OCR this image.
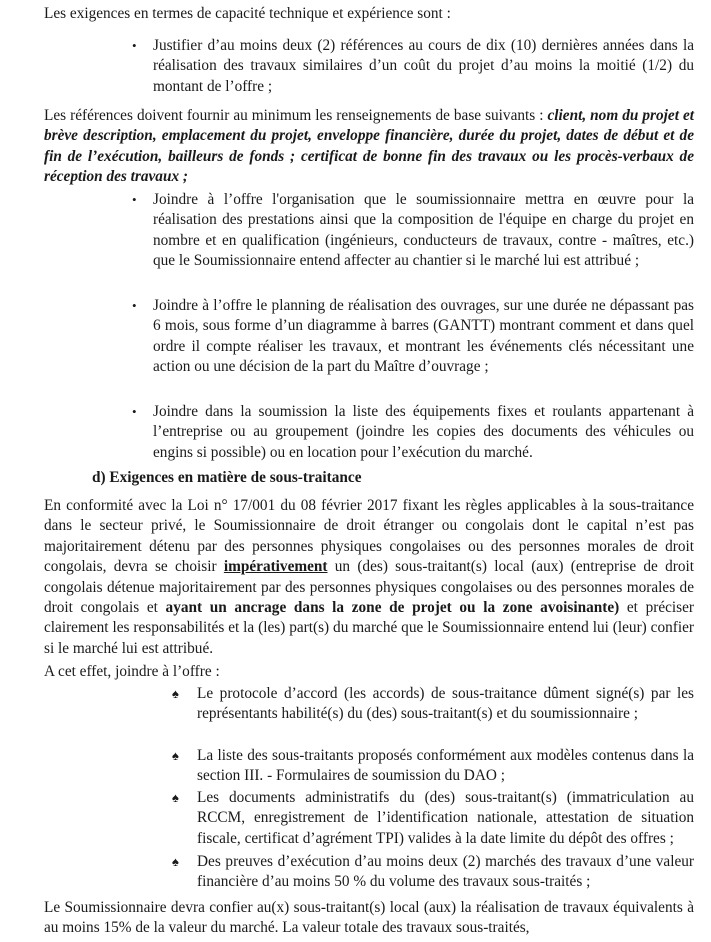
Les exigences en termes de capacité technique et expérience sont :

•	Justifier d’au moins deux (2) références au cours de dix (10) dernières années dans la réalisation des travaux similaires d’un coût du projet d’au moins la moitié (1/2) du montant de l’offre ;

Les références doivent fournir au minimum les renseignements de base suivants : client, nom du projet et brève description, emplacement du projet, enveloppe financière, durée du projet, dates de début et de fin de l’exécution, bailleurs de fonds ; certificat de bonne fin des travaux ou les procès-verbaux de réception des travaux ;

•	Joindre à l’offre l'organisation que le soumissionnaire mettra en œuvre pour la réalisation des prestations ainsi que la composition de l'équipe en charge du projet en nombre et en qualification (ingénieurs, conducteurs de travaux, contre - maîtres, etc.) que le Soumissionnaire entend affecter au chantier si le marché lui est attribué ;

•	Joindre à l’offre le planning de réalisation des ouvrages, sur une durée ne dépassant pas 6 mois, sous forme d’un diagramme à barres (GANTT) montrant comment et dans quel ordre il compte réaliser les travaux, et montrant les événements clés nécessitant une action ou une décision de la part du Maître d’ouvrage ;

•	Joindre dans la soumission la liste des équipements fixes et roulants appartenant à l’entreprise ou au groupement (joindre les copies des documents des véhicules ou engins si possible) ou en location pour l’exécution du marché.

d) Exigences en matière de sous-traitance

En conformité avec la Loi n° 17/001 du 08 février 2017 fixant les règles applicables à la sous-traitance dans le secteur privé, le Soumissionnaire de droit étranger ou congolais dont le capital n’est pas majoritairement détenu par des personnes physiques congolaises ou des personnes morales de droit congolais, devra se choisir impérativement un (des) sous-traitant(s) local (aux) (entreprise de droit congolais détenue majoritairement par des personnes physiques congolaises ou des personnes morales de droit congolais et ayant un ancrage dans la zone de projet ou la zone avoisinante) et préciser clairement les responsabilités et la (les) part(s) du marché que le Soumissionnaire entend lui (leur) confier si le marché lui est attribué.

A cet effet, joindre à l’offre :

♠	Le protocole d’accord (les accords) de sous-traitance dûment signé(s) par les représentants habilité(s) du (des) sous-traitant(s) et du soumissionnaire ;

♠	La liste des sous-traitants proposés conformément aux modèles contenus dans la section III. - Formulaires de soumission du DAO ;

♠	Les documents administratifs du (des) sous-traitant(s) (immatriculation au RCCM, enregistrement de l’identification nationale, attestation de situation fiscale, certificat d’agrément TPI) valides à la date limite du dépôt des offres ;

♠	Des preuves d’exécution d’au moins deux (2) marchés des travaux d’une valeur financière d’au moins 50 % du volume des travaux sous-traités ;

Le Soumissionnaire devra confier au(x) sous-traitant(s) local (aux) la réalisation de travaux équivalents à au moins 15% de la valeur du marché. La valeur totale des travaux sous-traités,
